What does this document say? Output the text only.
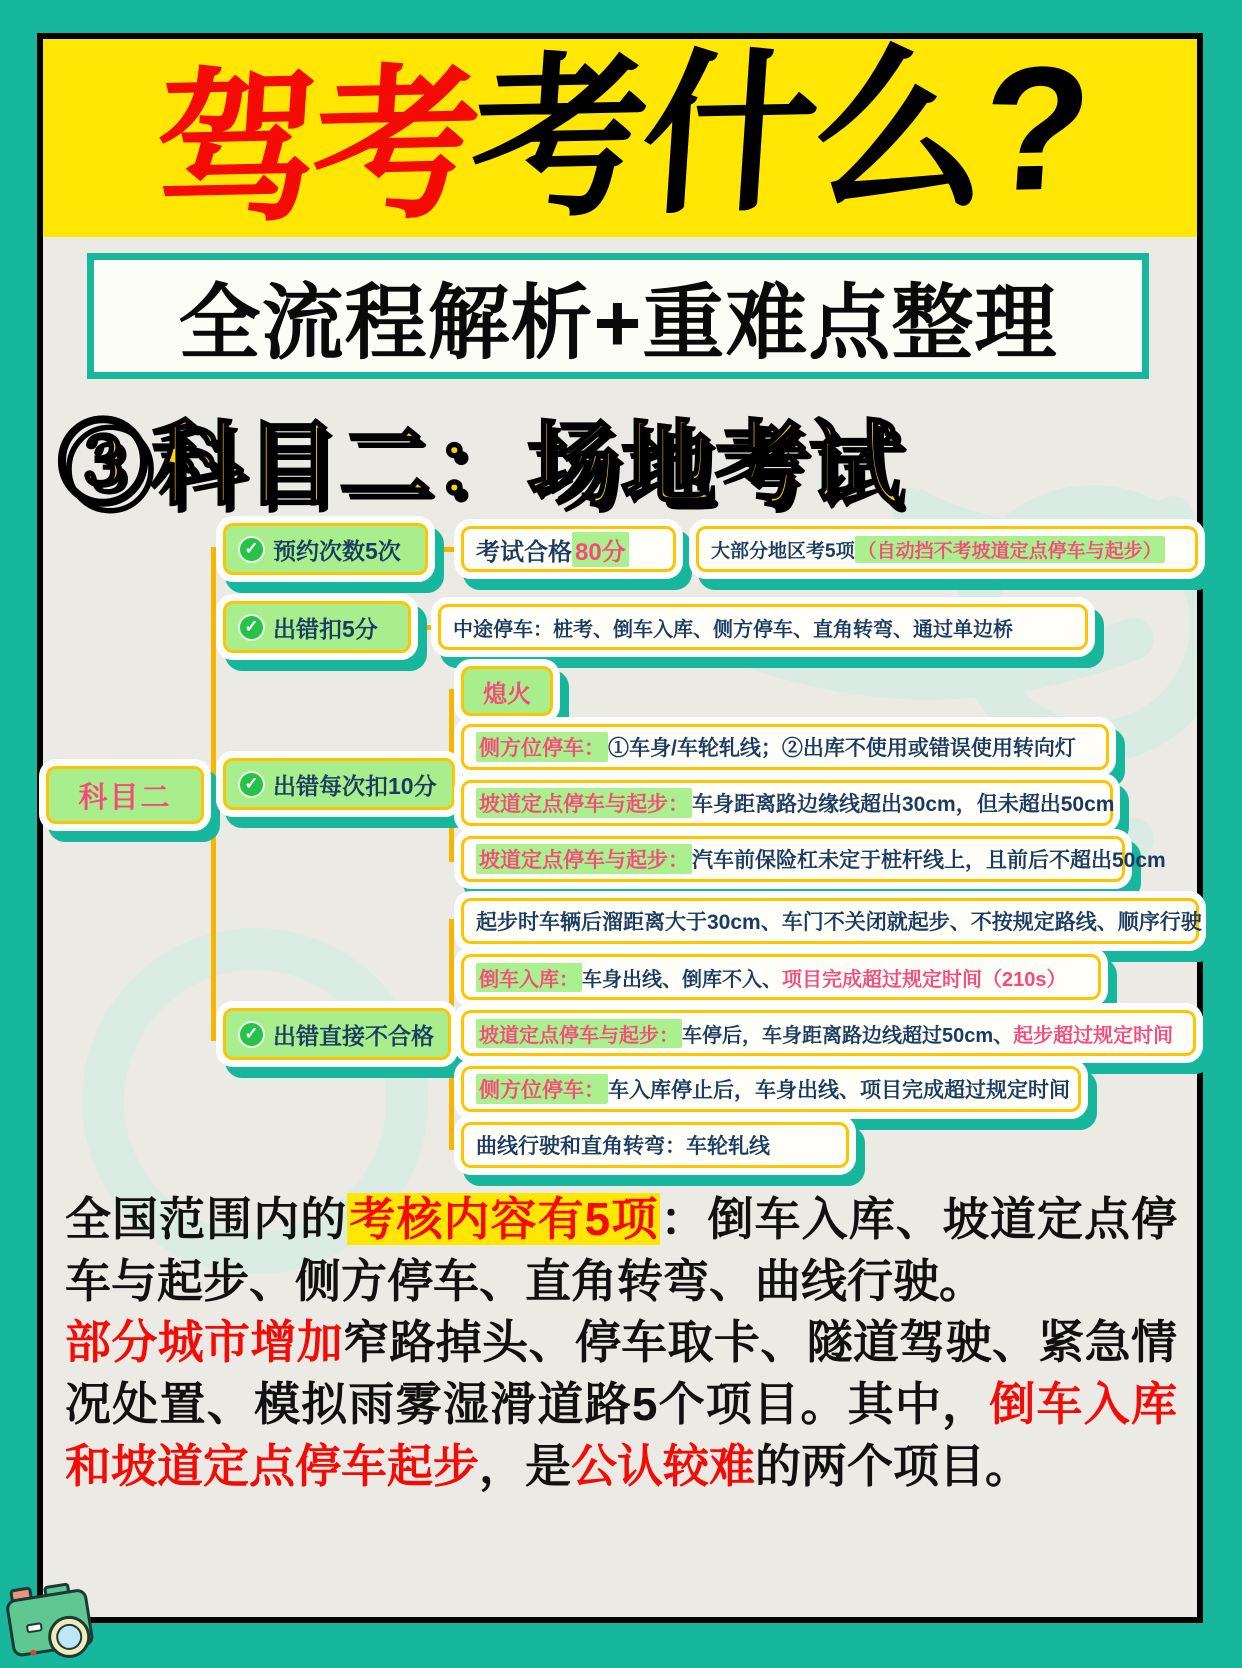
驾考考什么?
全流程解析+重难点整理
③科目二：场地考试
科目二
✓ 预约次数5次
✓ 出错扣5分
✓ 出错每次扣10分
✓ 出错直接不合格
考试合格 80分	大部分地区考5项 （自动挡不考坡道定点停车与起步）
中途停车：桩考、倒车入库、侧方停车、直角转弯、通过单边桥
熄火
侧方位停车： ①车身/车轮轧线；②出库不使用或错误使用转向灯
坡道定点停车与起步： 车身距离路边缘线超出30cm，但未超出50cm
坡道定点停车与起步： 汽车前保险杠未定于桩杆线上，且前后不超出50cm
起步时车辆后溜距离大于30cm、车门不关闭就起步、不按规定路线、顺序行驶
倒车入库： 车身出线、倒库不入、 项目完成超过规定时间（210s）
坡道定点停车与起步： 车停后，车身距离路边线超过50cm、 起步超过规定时间
侧方位停车： 车入库停止后，车身出线、项目完成超过规定时间
曲线行驶和直角转弯：车轮轧线

全国范围内的考核内容有5项：倒车入库、坡道定点停车与起步、侧方停车、直角转弯、曲线行驶。

部分城市增加窄路掉头、停车取卡、隧道驾驶、紧急情况处置、模拟雨雾湿滑道路5个项目。其中，倒车入库和坡道定点停车起步，是公认较难的两个项目。
